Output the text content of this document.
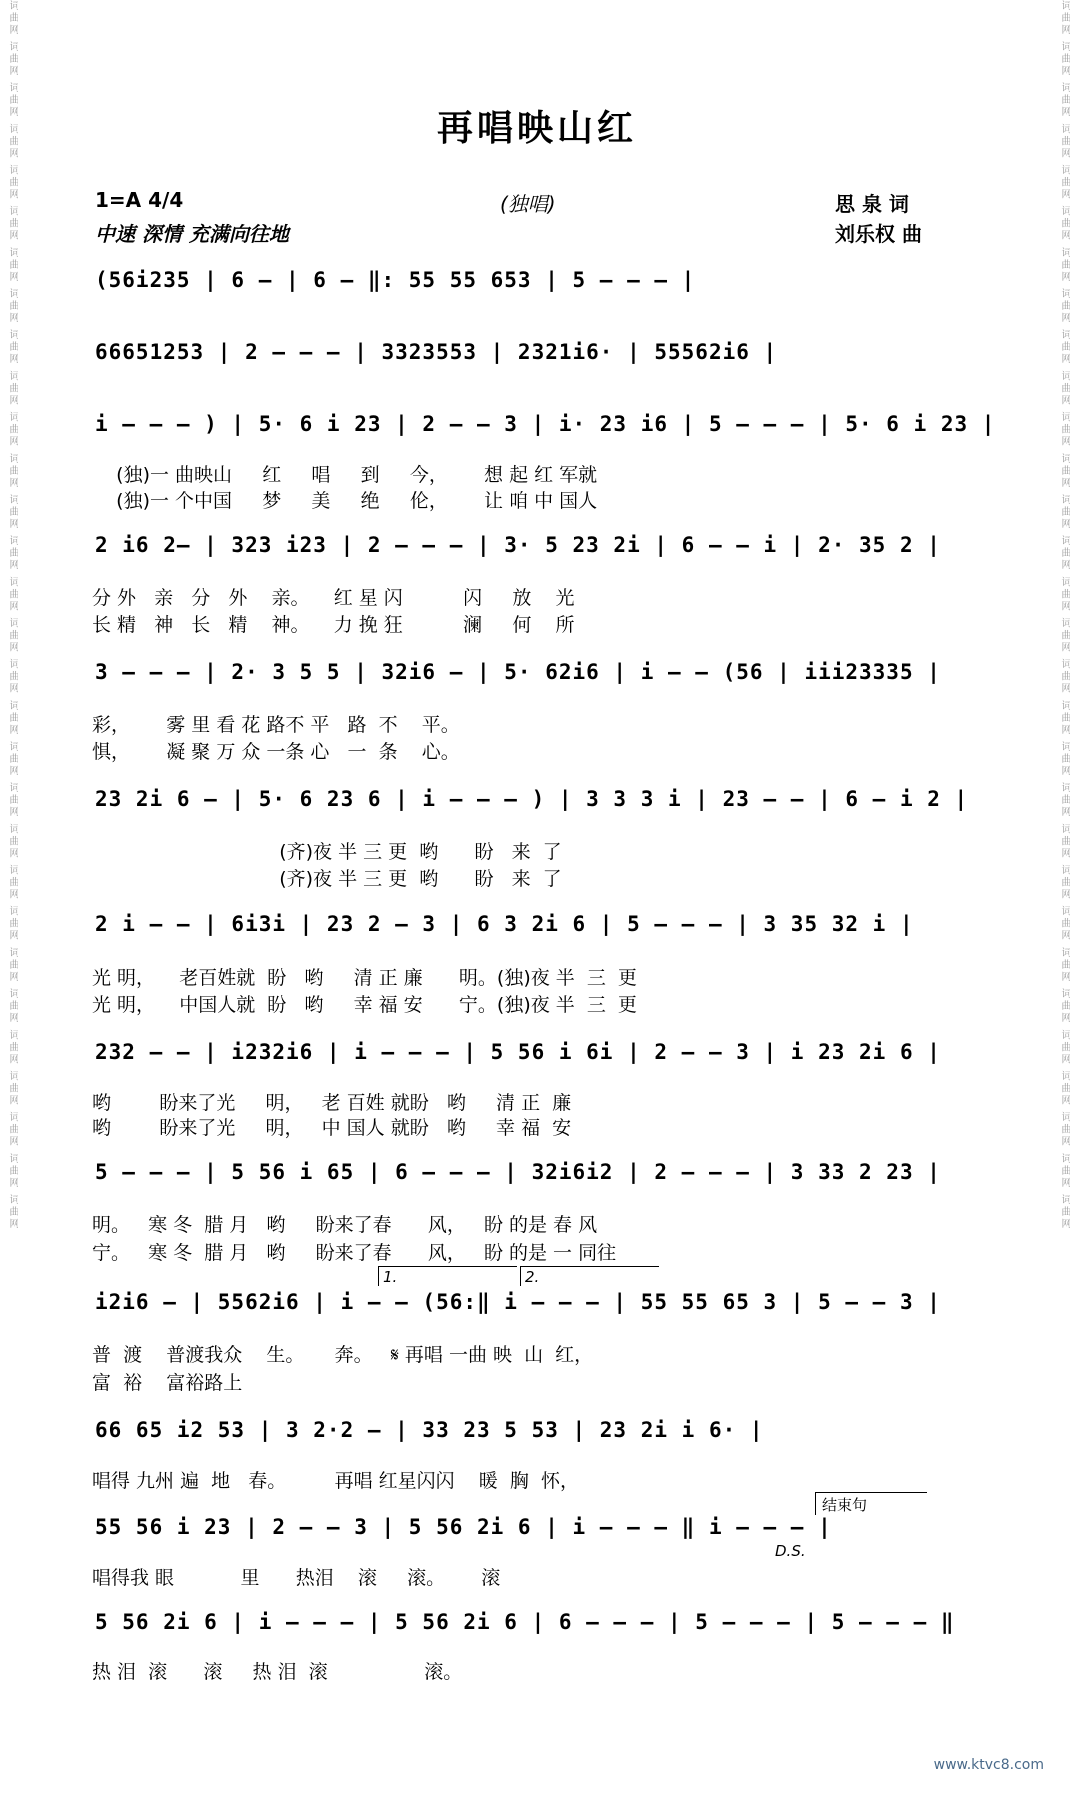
词曲网 词曲网 词曲网 词曲网 词曲网 词曲网 词曲网 词曲网 词曲网 词曲网 词曲网 词曲网 词曲网 词曲网 词曲网 词曲网 词曲网 词曲网 词曲网 词曲网 词曲网 词曲网 词曲网 词曲网 词曲网 词曲网 词曲网 词曲网 词曲网 词曲网	词曲网 词曲网 词曲网 词曲网 词曲网 词曲网 词曲网 词曲网 词曲网 词曲网 词曲网 词曲网 词曲网 词曲网 词曲网 词曲网 词曲网 词曲网 词曲网 词曲网 词曲网 词曲网 词曲网 词曲网 词曲网 词曲网 词曲网 词曲网 词曲网 词曲网
再唱映山红
1=A 4/4	(独唱)	思 泉 词
中速 深情 充满向往地	刘乐权 曲
(56i235 | 6 – | 6 – ‖: 55 55 653 | 5 – – – |
66651253 | 2 – – – | 3323553 | 2321i6· | 55562i6 |
i – – – ) | 5· 6 i 23 | 2 – – 3 | i· 23 i6 | 5 – – – | 5· 6 i 23 |
(独)一 曲映山     红     唱     到     今，      想 起 红 军就
(独)一 个中国     梦     美     绝     伦，      让 咱 中 国人
2 i6 2– | 323 i23 | 2 – – – | 3· 5 23 2i | 6 – – i | 2· 35 2 |
分 外   亲   分   外    亲。    红 星 闪          闪     放    光
长 精   神   长   精    神。    力 挽 狂          澜     何    所
3 – – – | 2· 3 5 5 | 32i6 – | 5· 62i6 | i – – (56 | iii23335 |
彩，      雾 里 看 花 路不 平   路  不    平。
惧，      凝 聚 万 众 一条 心   一  条    心。
23 2i 6 – | 5· 6 23 6 | i – – – ) | 3 3 3 i | 23 – – | 6 – i 2 |
(齐)夜 半 三 更  哟      盼   来  了
(齐)夜 半 三 更  哟      盼   来  了
2 i – – | 6i3i | 23 2 – 3 | 6 3 2i 6 | 5 – – – | 3 35 32 i |
光 明，    老百姓就  盼   哟     清 正 廉      明。(独)夜 半  三  更
光 明，    中国人就  盼   哟     幸 福 安      宁。(独)夜 半  三  更
232 – – | i232i6 | i – – – | 5 56 i 6i | 2 – – 3 | i 23 2i 6 |
哟        盼来了光     明，   老 百姓 就盼   哟     清 正  廉
哟        盼来了光     明，   中 国人 就盼   哟     幸 福  安
5 – – – | 5 56 i 65 | 6 – – – | 32i6i2 | 2 – – – | 3 33 2 23 |
明。   寒 冬  腊 月   哟     盼来了春      风，   盼 的是 春 风
宁。   寒 冬  腊 月   哟     盼来了春      风，   盼 的是 一 同往
1.	2.
i2i6 – | 5562i6 | i – – (56:‖ i – – – | 55 55 65 3 | 5 – – 3 |
普  渡    普渡我众    生。     奔。   𝄋 再唱 一曲 映  山  红，
富  裕    富裕路上
66 65 i2 53 | 3 2·2 – | 33 23 5 53 | 23 2i i 6· |
唱得 九州 遍  地   春。        再唱 红星闪闪    暖  胸  怀，
结束句
55 56 i 23 | 2 – – 3 | 5 56 2i 6 | i – – – ‖ i – – – |
D.S.
唱得我 眼           里      热泪    滚     滚。      滚
5 56 2i 6 | i – – – | 5 56 2i 6 | 6 – – – | 5 – – – | 5 – – – ‖
热 泪  滚      滚     热 泪  滚                滚。
www.ktvc8.com
